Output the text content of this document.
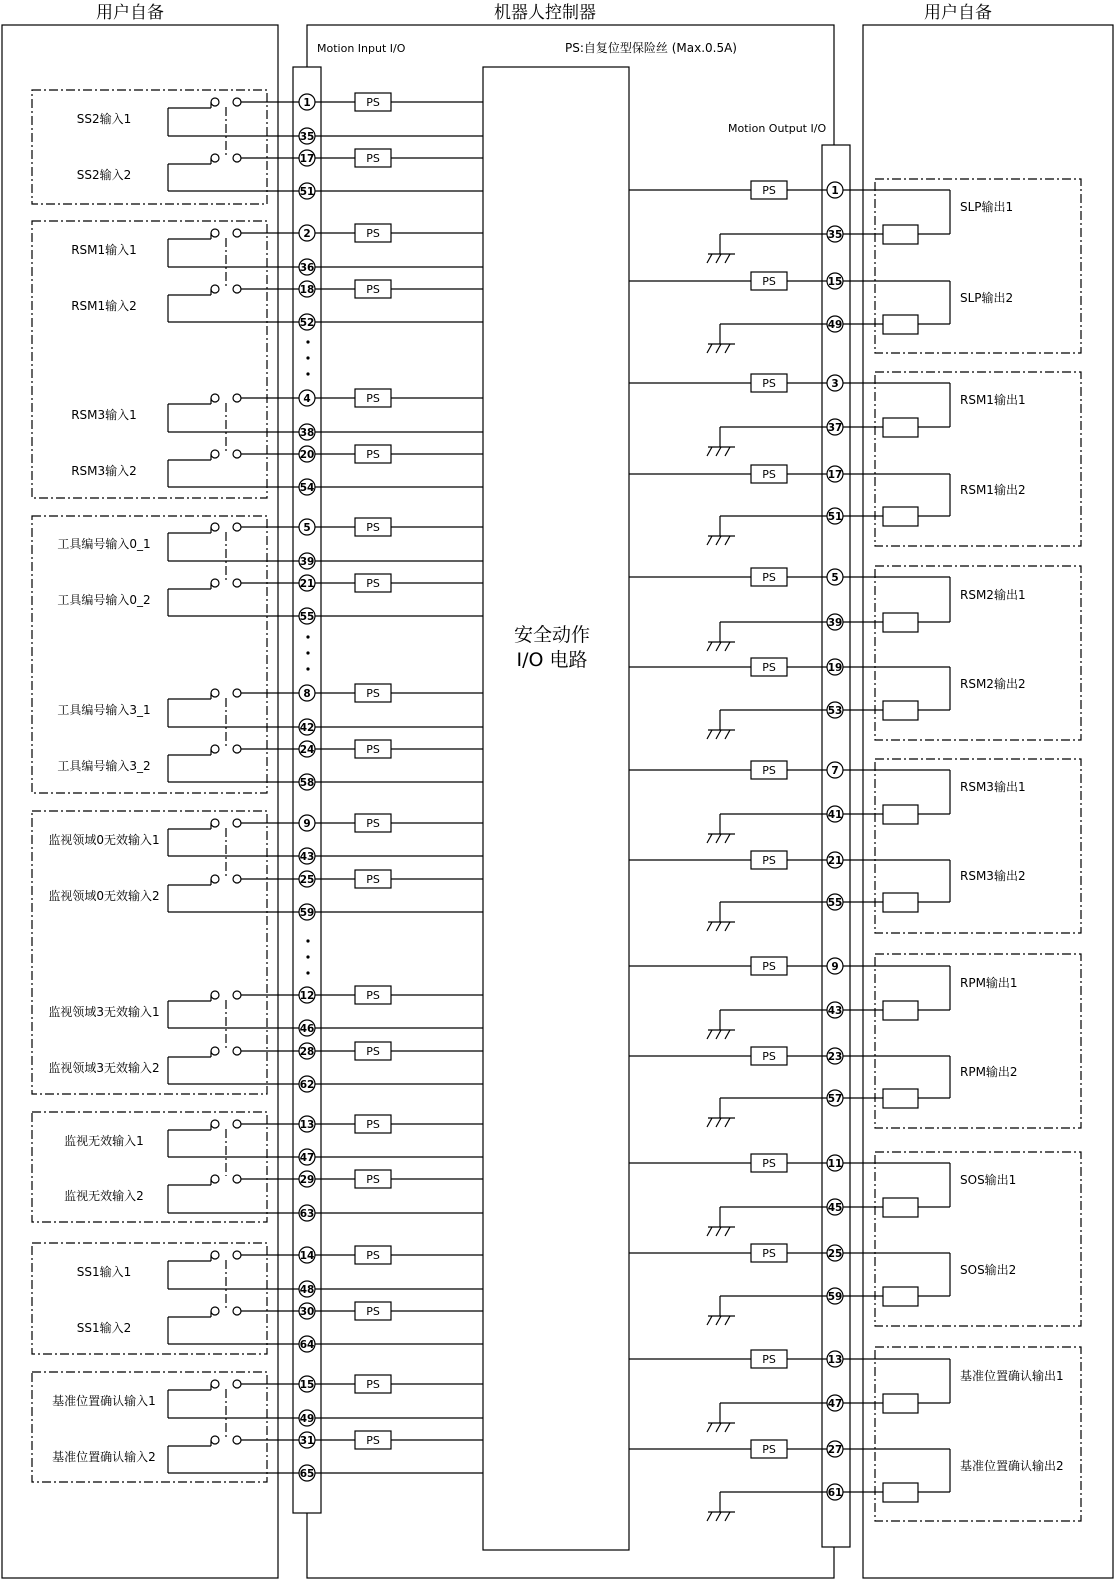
用户自备	机器人控制器	用户自备
Motion Input I/O
Motion Output I/O
PS:自复位型保险丝 (Max.0.5A)
安全动作
I/O 电路
SS2输入1
1
35
PS
SS2输入2
17
51
PS
RSM1输入1
2
36
PS
RSM1输入2
18
52
PS
RSM3输入1
4
38
PS
RSM3输入2
20
54
PS
工具编号输入0_1
5
39
PS
工具编号输入0_2
21
55
PS
工具编号输入3_1
8
42
PS
工具编号输入3_2
24
58
PS
监视领域0无效输入1
9
43
PS
监视领域0无效输入2
25
59
PS
监视领域3无效输入1
12
46
PS
监视领域3无效输入2
28
62
PS
监视无效输入1
13
47
PS
监视无效输入2
29
63
PS
SS1输入1
14
48
PS
SS1输入2
30
64
PS
基准位置确认输入1
15
49
PS
基准位置确认输入2
31
65
PS
PS	1
35
SLP输出1
PS	15
49
SLP输出2
PS	3
37
RSM1输出1
PS	17
51
RSM1输出2
PS	5
39
RSM2输出1
PS	19
53
RSM2输出2
PS	7
41
RSM3输出1
PS	21
55
RSM3输出2
PS	9
43
RPM输出1
PS	23
57
RPM输出2
PS	11
45
SOS输出1
PS	25
59
SOS输出2
PS	13
47
基准位置确认输出1
PS	27
61
基准位置确认输出2
